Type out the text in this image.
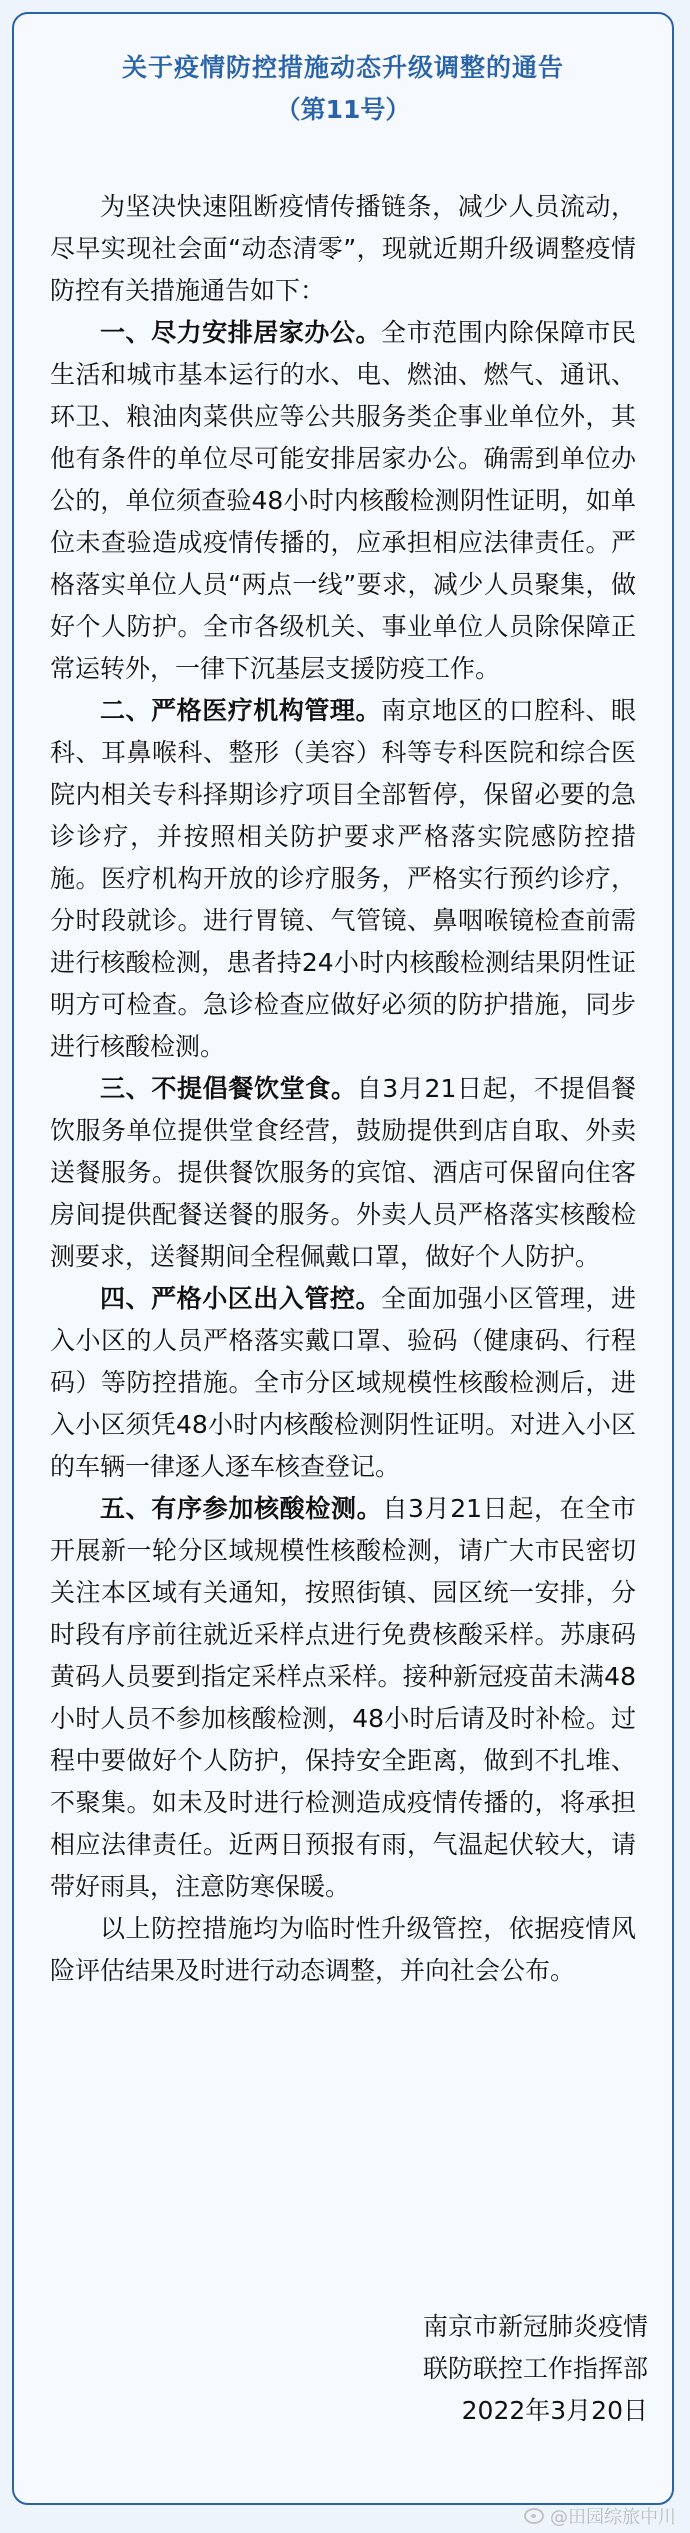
关于疫情防控措施动态升级调整的通告
（第11号）

为坚决快速阻断疫情传播链条，减少人员流动，尽早实现社会面“动态清零”，现就近期升级调整疫情防控有关措施通告如下：

一、尽力安排居家办公。全市范围内除保障市民生活和城市基本运行的水、电、燃油、燃气、通讯、环卫、粮油肉菜供应等公共服务类企事业单位外，其他有条件的单位尽可能安排居家办公。确需到单位办公的，单位须查验48小时内核酸检测阴性证明，如单位未查验造成疫情传播的，应承担相应法律责任。严格落实单位人员“两点一线”要求，减少人员聚集，做好个人防护。全市各级机关、事业单位人员除保障正常运转外，一律下沉基层支援防疫工作。

二、严格医疗机构管理。南京地区的口腔科、眼科、耳鼻喉科、整形（美容）科等专科医院和综合医院内相关专科择期诊疗项目全部暂停，保留必要的急诊诊疗，并按照相关防护要求严格落实院感防控措施。医疗机构开放的诊疗服务，严格实行预约诊疗，分时段就诊。进行胃镜、气管镜、鼻咽喉镜检查前需进行核酸检测，患者持24小时内核酸检测结果阴性证明方可检查。急诊检查应做好必须的防护措施，同步进行核酸检测。

三、不提倡餐饮堂食。自3月21日起，不提倡餐饮服务单位提供堂食经营，鼓励提供到店自取、外卖送餐服务。提供餐饮服务的宾馆、酒店可保留向住客房间提供配餐送餐的服务。外卖人员严格落实核酸检测要求，送餐期间全程佩戴口罩，做好个人防护。

四、严格小区出入管控。全面加强小区管理，进入小区的人员严格落实戴口罩、验码（健康码、行程码）等防控措施。全市分区域规模性核酸检测后，进入小区须凭48小时内核酸检测阴性证明。对进入小区的车辆一律逐人逐车核查登记。

五、有序参加核酸检测。自3月21日起，在全市开展新一轮分区域规模性核酸检测，请广大市民密切关注本区域有关通知，按照街镇、园区统一安排，分时段有序前往就近采样点进行免费核酸采样。苏康码黄码人员要到指定采样点采样。接种新冠疫苗未满48小时人员不参加核酸检测，48小时后请及时补检。过程中要做好个人防护，保持安全距离，做到不扎堆、不聚集。如未及时进行检测造成疫情传播的，将承担相应法律责任。近两日预报有雨，气温起伏较大，请带好雨具，注意防寒保暖。

以上防控措施均为临时性升级管控，依据疫情风险评估结果及时进行动态调整，并向社会公布。

南京市新冠肺炎疫情
联防联控工作指挥部
2022年3月20日
@田园综旅中川
